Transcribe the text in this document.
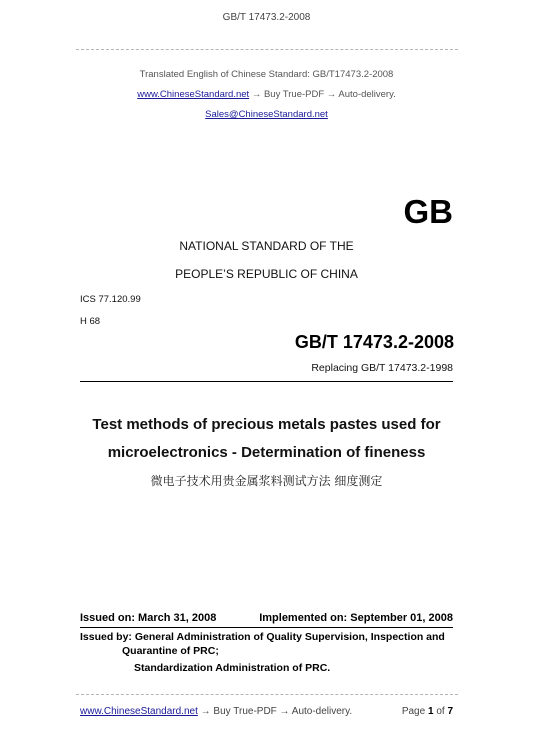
GB/T 17473.2-2008
Translated English of Chinese Standard: GB/T17473.2-2008
www.ChineseStandard.net → Buy True-PDF → Auto-delivery.
Sales@ChineseStandard.net
GB
NATIONAL STANDARD OF THE
PEOPLE’S REPUBLIC OF CHINA
ICS 77.120.99
H 68
GB/T 17473.2-2008
Replacing GB/T 17473.2-1998
Test methods of precious metals pastes used for
microelectronics - Determination of fineness
微电子技术用贵金属浆料测试方法 细度测定
Issued on: March 31, 2008	Implemented on: September 01, 2008
Issued by: General Administration of Quality Supervision, Inspection and
Quarantine of PRC;
Standardization Administration of PRC.
www.ChineseStandard.net → Buy True-PDF → Auto-delivery.	Page 1 of 7
